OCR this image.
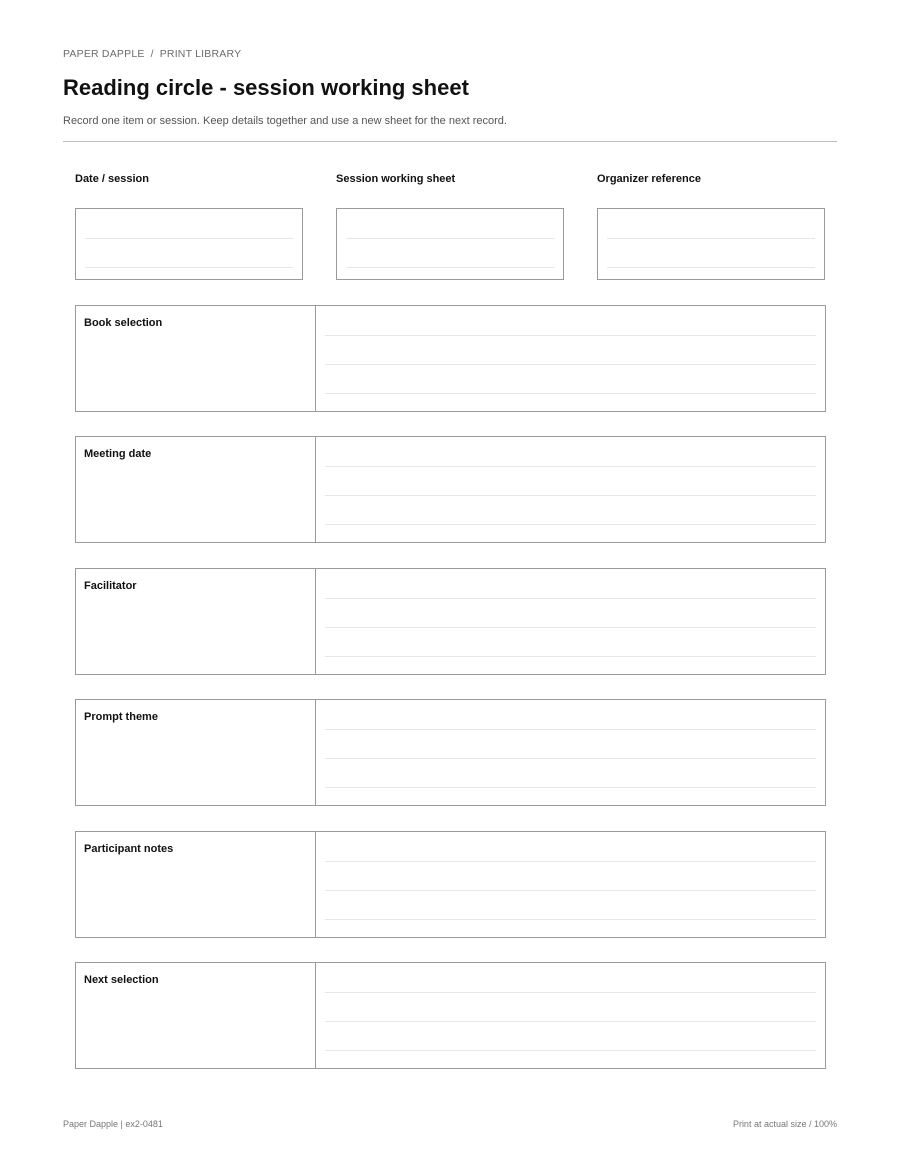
PAPER DAPPLE / PRINT LIBRARY
Reading circle - session working sheet
Record one item or session. Keep details together and use a new sheet for the next record.
Date / session	Session working sheet	Organizer reference
Book selection
Meeting date
Facilitator
Prompt theme
Participant notes
Next selection
Paper Dapple | ex2-0481	Print at actual size / 100%
